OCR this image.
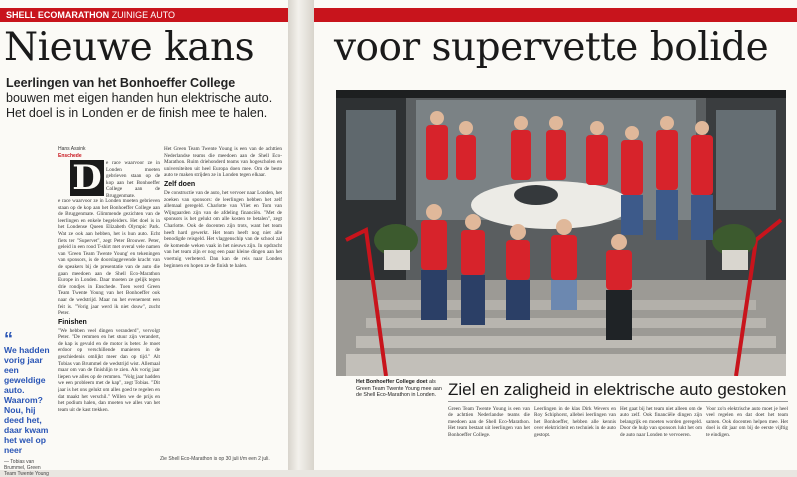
SHELL ECOMARATHON ZUINIGE AUTO
Nieuwe kans
Leerlingen van het Bonhoeffer College
bouwen met eigen handen hun elektrische auto. Het doel is in Londen er de finish mee te halen.
Hans Assink
Enschede
D e race waarvoor ze in Londen moeten gebrieven staan op de kop aan het Bonhoeffer College aan de Bruggenmate.

e race waarvoor ze in Londen moeten gebrieven staan op de kop aan het Bonhoeffer College aan de Bruggenmate. Glimmende gezichten van de leerlingen en enkele begeleiders. Het doel is in het Londense Queen Elizabeth Olympic Park. Wat ze ook aan hebben, het is hun auto. Echt fiets ter "Supervet", zegt Peter Brouwer. Peter, geleid in een rood T-shirt met overal vele namen van 'Green Team Twente Young' en tekeningen van sponsors, is de doorslaggevende kracht van de speakers bij de presentatie van de auto die gaan meedoen aan de Shell Eco-Marathon Europe in Londen. Daar moeten ze gelijk tegen drie rondjes in Enschede. Toen werd Green Team Twente Young van het Bonhoeffer ook naar de wedstrijd. Maar nu het evenement een feit is. "Vorig jaar werd ik niet douw", zucht Peter.

Finishen

"We hebben veel dingen veranderd", vervolgt Peter. "De remmen en het stuur zijn verandert, de kap is gevuld en de motor is beter. Je moet erdoor op verschillende manieren in de geschiedenis omlijkt meer dan op tijd." Alt Tobias van Brummel de wedstrijd wist. Allemaal maar om van de finishlijn te zien. Als vorig jaar liepen we alles op de remmen. "Volg jaar hadden we een probleem met de kap", zegt Tobias. "Dit jaar is het ons gelukt om alles goed te regelen en dat maakt het verschil." Willen we de prijs en het podium halen, dan moeten we alles van het team uit de kast trekken.

Het Green Team Twente Young is een van de achttien Nederlandse teams die meedoen aan de Shell Eco-Marathon. Ruim driehonderd teams van hogescholen en universiteiten uit heel Europa doen mee. Om de beste auto te maken strijden ze in Londen tegen elkaar.

Zelf doen

De constructie van de auto, het vervoer naar Londen, het zoeken van sponsors: de leerlingen hebben het zelf allemaal geregeld. Charlotte van Vliet en Tom van Wijngaarden zijn van de afdeling financiën. "Met de sponsors is het gelukt om alle kosten te betalen", zegt Charlotte. Ook de docenten zijn trots, want het team heeft hard gewerkt. Het team heeft nog niet alle benodigde reisgeld. Het vlaggenschip van de school zal de komende weken vaak in het nieuws zijn. In opdracht van het team zijn er nog een paar kleine dingen aan het voertuig verbeterd. Dan kan de reis naar Londen beginnen en hopen ze de finish te halen.

“
We hadden vorig jaar een geweldige auto. Waarom? Nou, hij deed het, daar kwam het wel op neer
— Tobias van Brummel, Green Team Twente Young
Zie Shell Eco-Marathon is op 30 juli t/m een 2 juli.
voor supervette bolide
Het Bonhoeffer College doet als Green Team Twente Young mee aan de Shell Eco-Marathon in Londen. Ziel en zaligheid in elektrische auto gestoken
Green Team Twente Young is een van de achttien Nederlandse teams die meedoen aan de Shell Eco-Marathon. Het team bestaat uit leerlingen van het Bonhoeffer College.
Leerlingen in de klas Dirk Wevers en Roy Schiphorst, allebei leerlingen van het Bonhoeffer, hebben alle kennis over elektriciteit en techniek in de auto gestopt.
Het gaat bij het team niet alleen om de auto zelf. Ook financiële dingen zijn belangrijk en moeten worden geregeld. Door de hulp van sponsors lukt het om de auto naar Londen te vervoeren.
Voor zo'n elektrische auto moet je heel veel regelen en dat doet het team samen. Ook docenten helpen mee. Het doel is dit jaar om bij de eerste vijftig te eindigen.
